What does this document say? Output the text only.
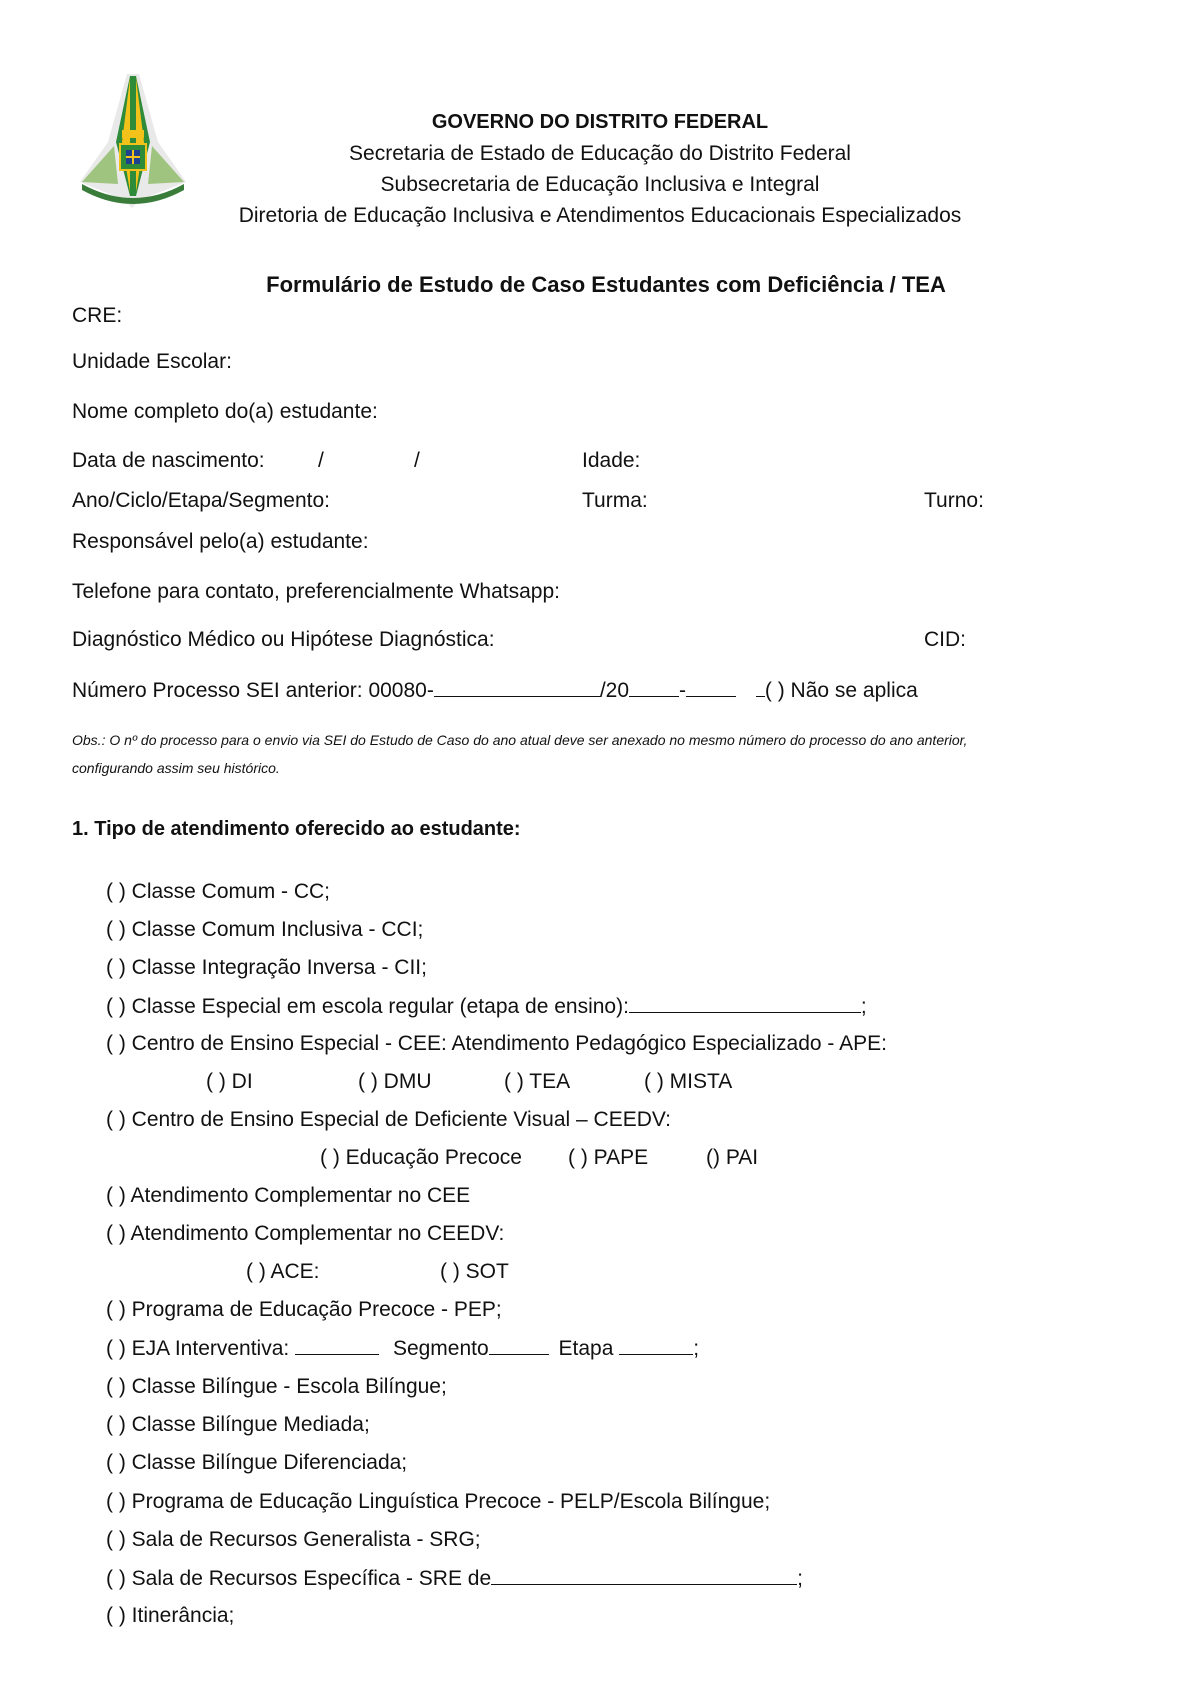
GOVERNO DO DISTRITO FEDERAL
Secretaria de Estado de Educação do Distrito Federal
Subsecretaria de Educação Inclusiva e Integral
Diretoria de Educação Inclusiva e Atendimentos Educacionais Especializados
Formulário de Estudo de Caso Estudantes com Deficiência / TEA
CRE:
Unidade Escolar:
Nome completo do(a) estudante:
Data de nascimento:	/	/	Idade:
Ano/Ciclo/Etapa/Segmento:	Turma:	Turno:
Responsável pelo(a) estudante:
Telefone para contato, preferencialmente Whatsapp:
Diagnóstico Médico ou Hipótese Diagnóstica:	CID:
Número Processo SEI anterior: 00080-	/20 -	( ) Não se aplica
Obs.: O nº do processo para o envio via SEI do Estudo de Caso do ano atual deve ser anexado no mesmo número do processo do ano anterior,
configurando assim seu histórico.
1. Tipo de atendimento oferecido ao estudante:
( ) Classe Comum - CC;
( ) Classe Comum Inclusiva - CCI;
( ) Classe Integração Inversa - CII;
( ) Classe Especial em escola regular (etapa de ensino):	;
( ) Centro de Ensino Especial - CEE: Atendimento Pedagógico Especializado - APE:
( ) DI	( ) DMU	( ) TEA	( ) MISTA
( ) Centro de Ensino Especial de Deficiente Visual – CEEDV:
( ) Educação Precoce ( ) PAPE	() PAI
( ) Atendimento Complementar no CEE
( ) Atendimento Complementar no CEEDV:
( ) ACE:	( ) SOT
( ) Programa de Educação Precoce - PEP;
( ) EJA Interventiva:	Segmento	Etapa	;
( ) Classe Bilíngue - Escola Bilíngue;
( ) Classe Bilíngue Mediada;
( ) Classe Bilíngue Diferenciada;
( ) Programa de Educação Linguística Precoce - PELP/Escola Bilíngue;
( ) Sala de Recursos Generalista - SRG;
( ) Sala de Recursos Específica - SRE de	;
( ) Itinerância;
